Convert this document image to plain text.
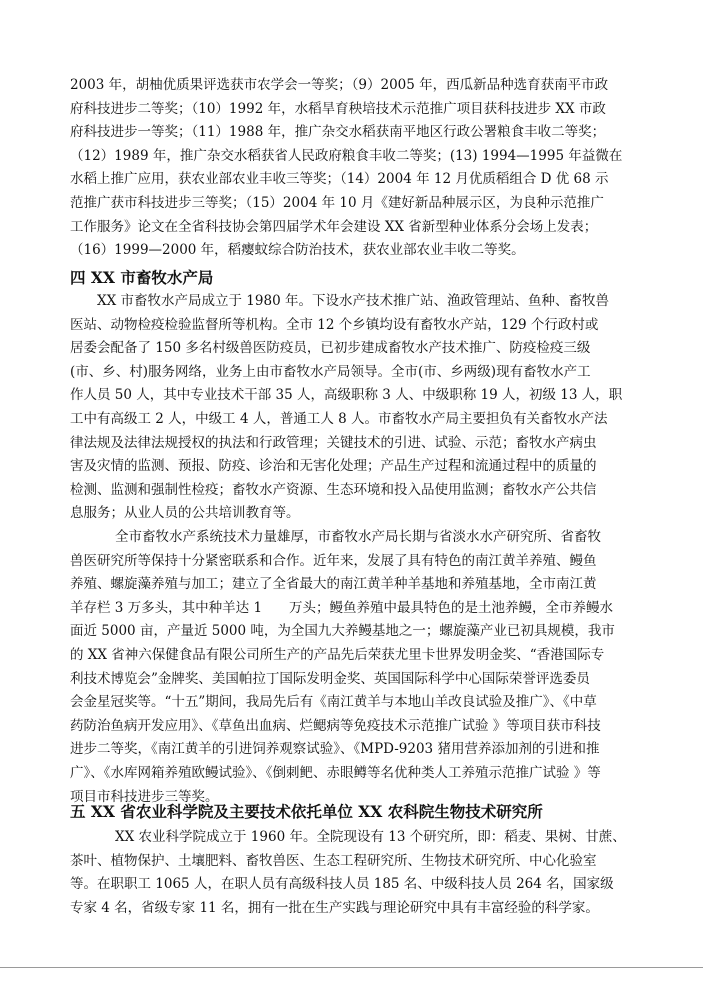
2003 年，胡柚优质果评选获市农学会一等奖；（9）2005 年，西瓜新品种选育获南平市政
府科技进步二等奖；（10）1992 年，水稻旱育秧培技术示范推广项目获科技进步 XX 市政
府科技进步一等奖；（11）1988 年，推广杂交水稻获南平地区行政公署粮食丰收二等奖；
（12）1989 年，推广杂交水稻获省人民政府粮食丰收二等奖；(13) 1994—1995 年益微在
水稻上推广应用，获农业部农业丰收三等奖；（14）2004 年 12 月优质稻组合 D 优 68 示
范推广获市科技进步三等奖；（15）2004 年 10 月《建好新品种展示区，为良种示范推广
工作服务》论文在全省科技协会第四届学术年会建设 XX 省新型种业体系分会场上发表；
（16）1999—2000 年，稻瘿蚊综合防治技术，获农业部农业丰收二等奖。
四 XX 市畜牧水产局
XX 市畜牧水产局成立于 1980 年。下设水产技术推广站、渔政管理站、鱼种、畜牧兽
医站、动物检疫检验监督所等机构。全市 12 个乡镇均设有畜牧水产站，129 个行政村或
居委会配备了 150 多名村级兽医防疫员，已初步建成畜牧水产技术推广、防疫检疫三级
(市、乡、村)服务网络，业务上由市畜牧水产局领导。全市(市、乡两级)现有畜牧水产工
作人员 50 人，其中专业技术干部 35 人，高级职称 3 人、中级职称 19 人，初级 13 人，职
工中有高级工 2 人，中级工 4 人，普通工人 8 人。市畜牧水产局主要担负有关畜牧水产法
律法规及法律法规授权的执法和行政管理；关键技术的引进、试验、示范；畜牧水产病虫
害及灾情的监测、预报、防疫、诊治和无害化处理；产品生产过程和流通过程中的质量的
检测、监测和强制性检疫；畜牧水产资源、生态环境和投入品使用监测；畜牧水产公共信
息服务；从业人员的公共培训教育等。
全市畜牧水产系统技术力量雄厚，市畜牧水产局长期与省淡水水产研究所、省畜牧
兽医研究所等保持十分紧密联系和合作。近年来，发展了具有特色的南江黄羊养殖、鳗鱼
养殖、螺旋藻养殖与加工；建立了全省最大的南江黄羊种羊基地和养殖基地，全市南江黄
羊存栏 3 万多头，其中种羊达 1　　万头；鳗鱼养殖中最具特色的是土池养鳗，全市养鳗水
面近 5000 亩，产量近 5000 吨，为全国九大养鳗基地之一；螺旋藻产业已初具规模，我市
的 XX 省神六保健食品有限公司所生产的产品先后荣获尤里卡世界发明金奖、“香港国际专
利技术博览会”金牌奖、美国帕拉丁国际发明金奖、英国国际科学中心国际荣誉评选委员
会金星冠奖等。“十五”期间，我局先后有《南江黄羊与本地山羊改良试验及推广》、《中草
药防治鱼病开发应用》、《草鱼出血病、烂鳃病等免疫技术示范推广试验 》等项目获市科技
进步二等奖，《南江黄羊的引进饲养观察试验》、《MPD-9203 猪用营养添加剂的引进和推
广》、《水库网箱养殖欧鳗试验》、《倒刺鲃、赤眼鳟等名优种类人工养殖示范推广试验 》等
项目市科技进步三等奖。
五 XX 省农业科学院及主要技术依托单位 XX 农科院生物技术研究所
XX 农业科学院成立于 1960 年。全院现设有 13 个研究所，即：稻麦、果树、甘蔗、
茶叶、植物保护、土壤肥料、畜牧兽医、生态工程研究所、生物技术研究所、中心化验室
等。在职职工 1065 人，在职人员有高级科技人员 185 名、中级科技人员 264 名，国家级
专家 4 名，省级专家 11 名，拥有一批在生产实践与理论研究中具有丰富经验的科学家。
